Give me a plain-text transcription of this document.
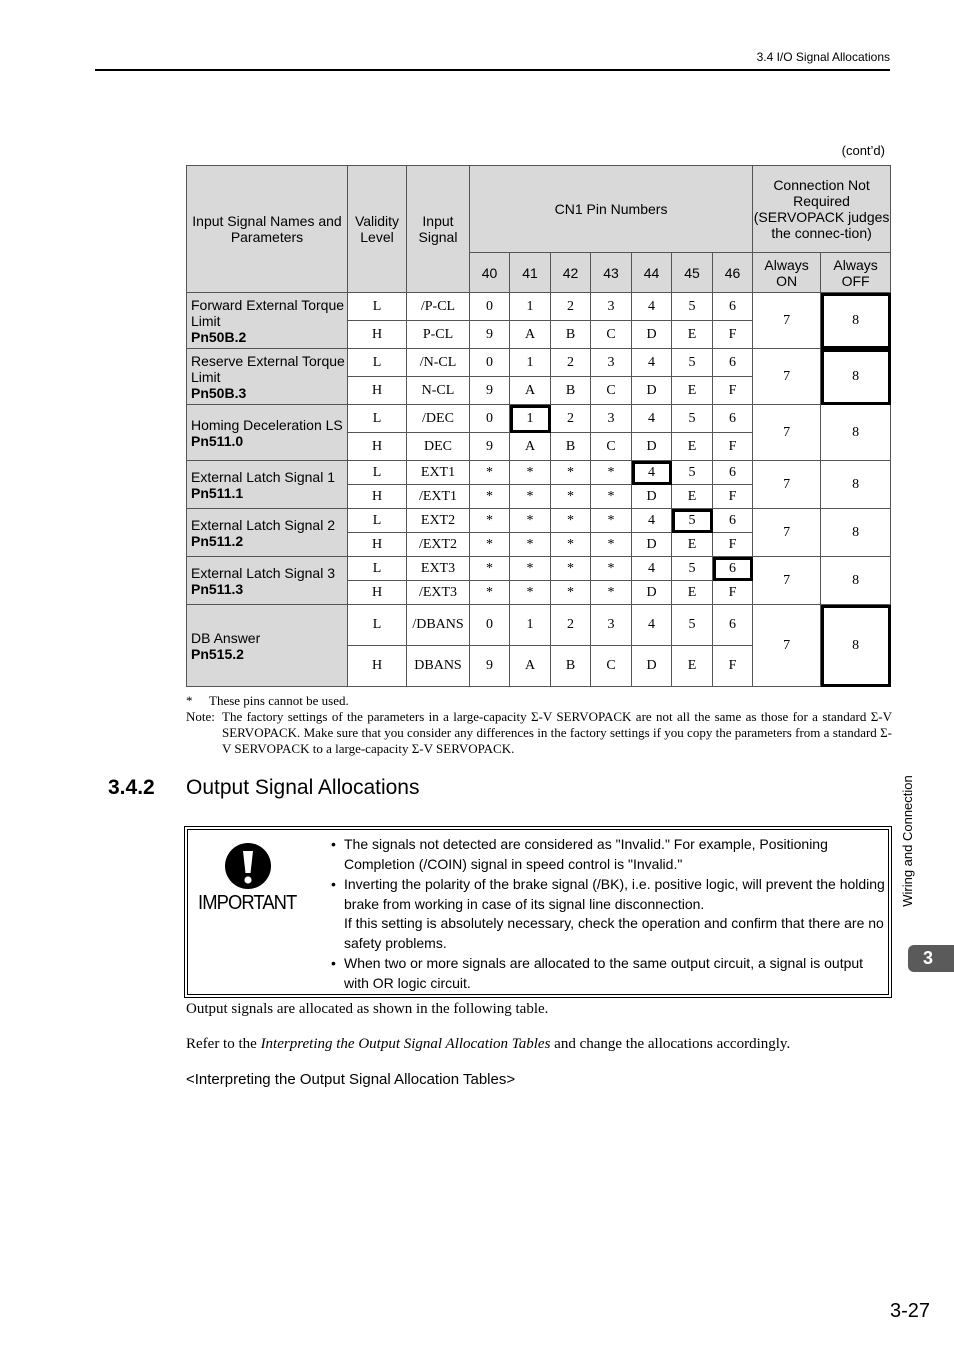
3.4 I/O Signal Allocations
(cont’d)
Input Signal Names and Parameters	Validity Level	Input Signal	CN1 Pin Numbers							Connection Not Required (SERVOPACK judges the connec-tion)	
			40	41	42	43	44	45	46	Always ON	Always OFF
Forward External Torque Limit
Pn50B.2	L	/P-CL	0	1	2	3	4	5	6	7	8
	H	P-CL	9	A	B	C	D	E	F		
Reserve External Torque Limit
Pn50B.3	L	/N-CL	0	1	2	3	4	5	6	7	8
	H	N-CL	9	A	B	C	D	E	F		
Homing Deceleration LS
Pn511.0	L	/DEC	0	1	2	3	4	5	6	7	8
	H	DEC	9	A	B	C	D	E	F		
External Latch Signal 1
Pn511.1	L	EXT1	*	*	*	*	4	5	6	7	8
	H	/EXT1	*	*	*	*	D	E	F		
External Latch Signal 2
Pn511.2	L	EXT2	*	*	*	*	4	5	6	7	8
	H	/EXT2	*	*	*	*	D	E	F		
External Latch Signal 3
Pn511.3	L	EXT3	*	*	*	*	4	5	6	7	8
	H	/EXT3	*	*	*	*	D	E	F		
DB Answer
Pn515.2	L	/DBANS	0	1	2	3	4	5	6	7	8
	H	DBANS	9	A	B	C	D	E	F		
* These pins cannot be used.
Note: The factory settings of the parameters in a large-capacity Σ-V SERVOPACK are not all the same as those for a standard Σ-V SERVOPACK. Make sure that you consider any differences in the factory settings if you copy the parameters from a standard Σ-V SERVOPACK to a large-capacity Σ-V SERVOPACK.
3.4.2 Output Signal Allocations
IMPORTANT
• The signals not detected are considered as "Invalid." For example, Positioning Completion (/COIN) signal in speed control is "Invalid."
• Inverting the polarity of the brake signal (/BK), i.e. positive logic, will prevent the holding brake from working in case of its signal line disconnection.
If this setting is absolutely necessary, check the operation and confirm that there are no safety problems.
• When two or more signals are allocated to the same output circuit, a signal is output with OR logic circuit.
Output signals are allocated as shown in the following table.
Refer to the Interpreting the Output Signal Allocation Tables and change the allocations accordingly.
<Interpreting the Output Signal Allocation Tables>
Wiring and Connection
3
3-27
